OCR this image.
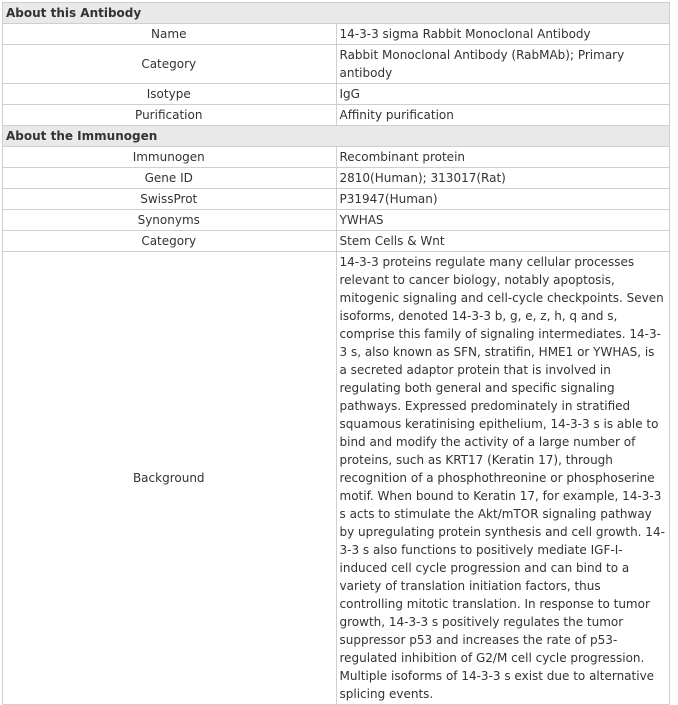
About this Antibody	
Name	14-3-3 sigma Rabbit Monoclonal Antibody
Category	Rabbit Monoclonal Antibody (RabMAb); Primary antibody
Isotype	IgG
Purification	Affinity purification
About the Immunogen	
Immunogen	Recombinant protein
Gene ID	2810(Human); 313017(Rat)
SwissProt	P31947(Human)
Synonyms	YWHAS
Category	Stem Cells & Wnt
Background	14-3-3 proteins regulate many cellular processes relevant to cancer biology, notably apoptosis, mitogenic signaling and cell-cycle checkpoints. Seven isoforms, denoted 14-3-3 b, g, e, z, h, q and s, comprise this family of signaling intermediates. 14-3-3 s, also known as SFN, stratifin, HME1 or YWHAS, is a secreted adaptor protein that is involved in regulating both general and specific signaling pathways. Expressed predominately in stratified squamous keratinising epithelium, 14-3-3 s is able to bind and modify the activity of a large number of proteins, such as KRT17 (Keratin 17), through recognition of a phosphothreonine or phosphoserine motif. When bound to Keratin 17, for example, 14-3-3 s acts to stimulate the Akt/mTOR signaling pathway by upregulating protein synthesis and cell growth. 14-3-3 s also functions to positively mediate IGF-I-induced cell cycle progression and can bind to a variety of translation initiation factors, thus controlling mitotic translation. In response to tumor growth, 14-3-3 s positively regulates the tumor suppressor p53 and increases the rate of p53-regulated inhibition of G2/M cell cycle progression. Multiple isoforms of 14-3-3 s exist due to alternative splicing events.
